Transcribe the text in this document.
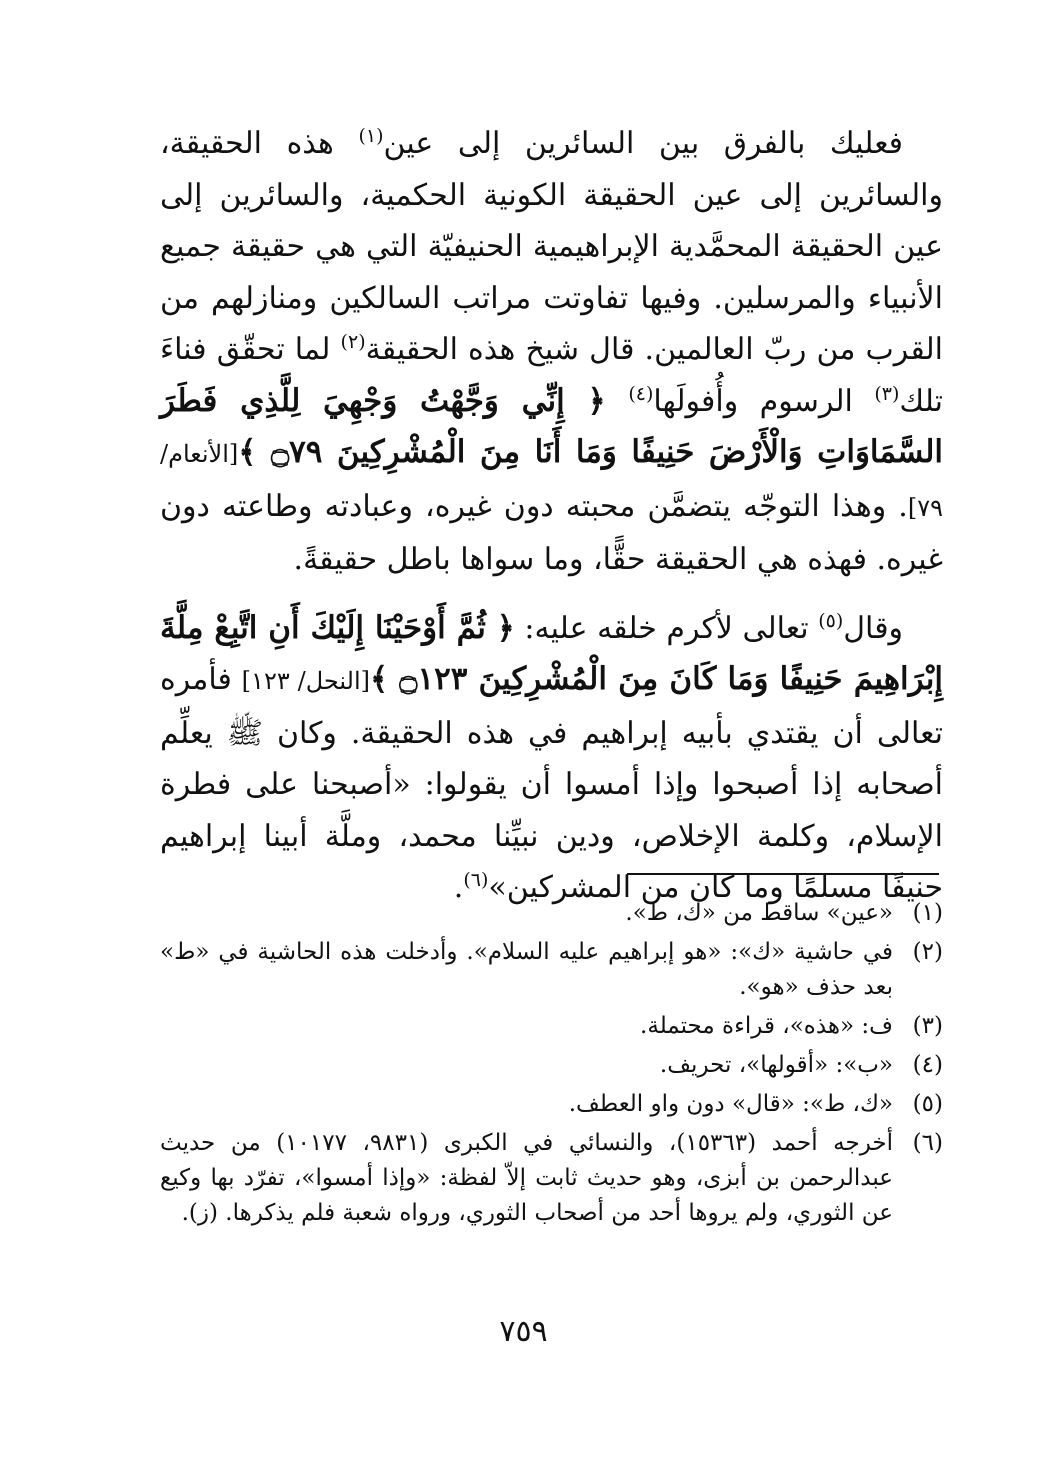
فعليك بالفرق بين السائرين إلى عين$^{(١)}$ هذه الحقيقة، والسائرين إلى عين الحقيقة الكونية الحكمية، والسائرين إلى عين الحقيقة المحمَّدية الإبراهيمية الحنيفيّة التي هي حقيقة جميع الأنبياء والمرسلين. وفيها تفاوتت مراتب السالكين ومنازلهم من القرب من ربّ العالمين. قال شيخ هذه الحقيقة$^{(٢)}$ لما تحقّق فناءَ تلك$^{(٣)}$ الرسوم وأُفولَها$^{(٤)}$ ﴿ إِنِّي وَجَّهْتُ وَجْهِيَ لِلَّذِي فَطَرَ السَّمَاوَاتِ وَالْأَرْضَ حَنِيفًا وَمَا أَنَا مِنَ الْمُشْرِكِينَ ۝٧٩ ﴾[الأنعام/ ٧٩]. وهذا التوجّه يتضمَّن محبته دون غيره، وعبادته وطاعته دون غيره. فهذه هي الحقيقة حقًّا، وما سواها باطل حقيقةً.

وقال$^{(٥)}$ تعالى لأكرم خلقه عليه: ﴿ ثُمَّ أَوْحَيْنَا إِلَيْكَ أَنِ اتَّبِعْ مِلَّةَ إِبْرَاهِيمَ حَنِيفًا وَمَا كَانَ مِنَ الْمُشْرِكِينَ ۝١٢٣ ﴾[النحل/ ١٢٣] فأمره تعالى أن يقتدي بأبيه إبراهيم في هذه الحقيقة. وكان ﷺ يعلِّم أصحابه إذا أصبحوا وإذا أمسوا أن يقولوا: «أصبحنا على فطرة الإسلام، وكلمة الإخلاص، ودين نبيِّنا محمد، وملَّة أبينا إبراهيم حنيفًا مسلمًا وما كان من المشركين»$^{(٦)}$.

(١)
«عين» ساقط من «ك، ط».
(٢)
في حاشية «ك»: «هو إبراهيم عليه السلام». وأدخلت هذه الحاشية في «ط» بعد حذف «هو».
(٣)
ف: «هذه»، قراءة محتملة.
(٤)
«ب»: «أقولها»، تحريف.
(٥)
«ك، ط»: «قال» دون واو العطف.
(٦)
أخرجه أحمد (١٥٣٦٣)، والنسائي في الكبرى (٩٨٣١، ١٠١٧٧) من حديث عبدالرحمن بن أبزى، وهو حديث ثابت إلاّ لفظة: «وإذا أمسوا»، تفرّد بها وكيع عن الثوري، ولم يروها أحد من أصحاب الثوري، ورواه شعبة فلم يذكرها. (ز).
٧٥٩
